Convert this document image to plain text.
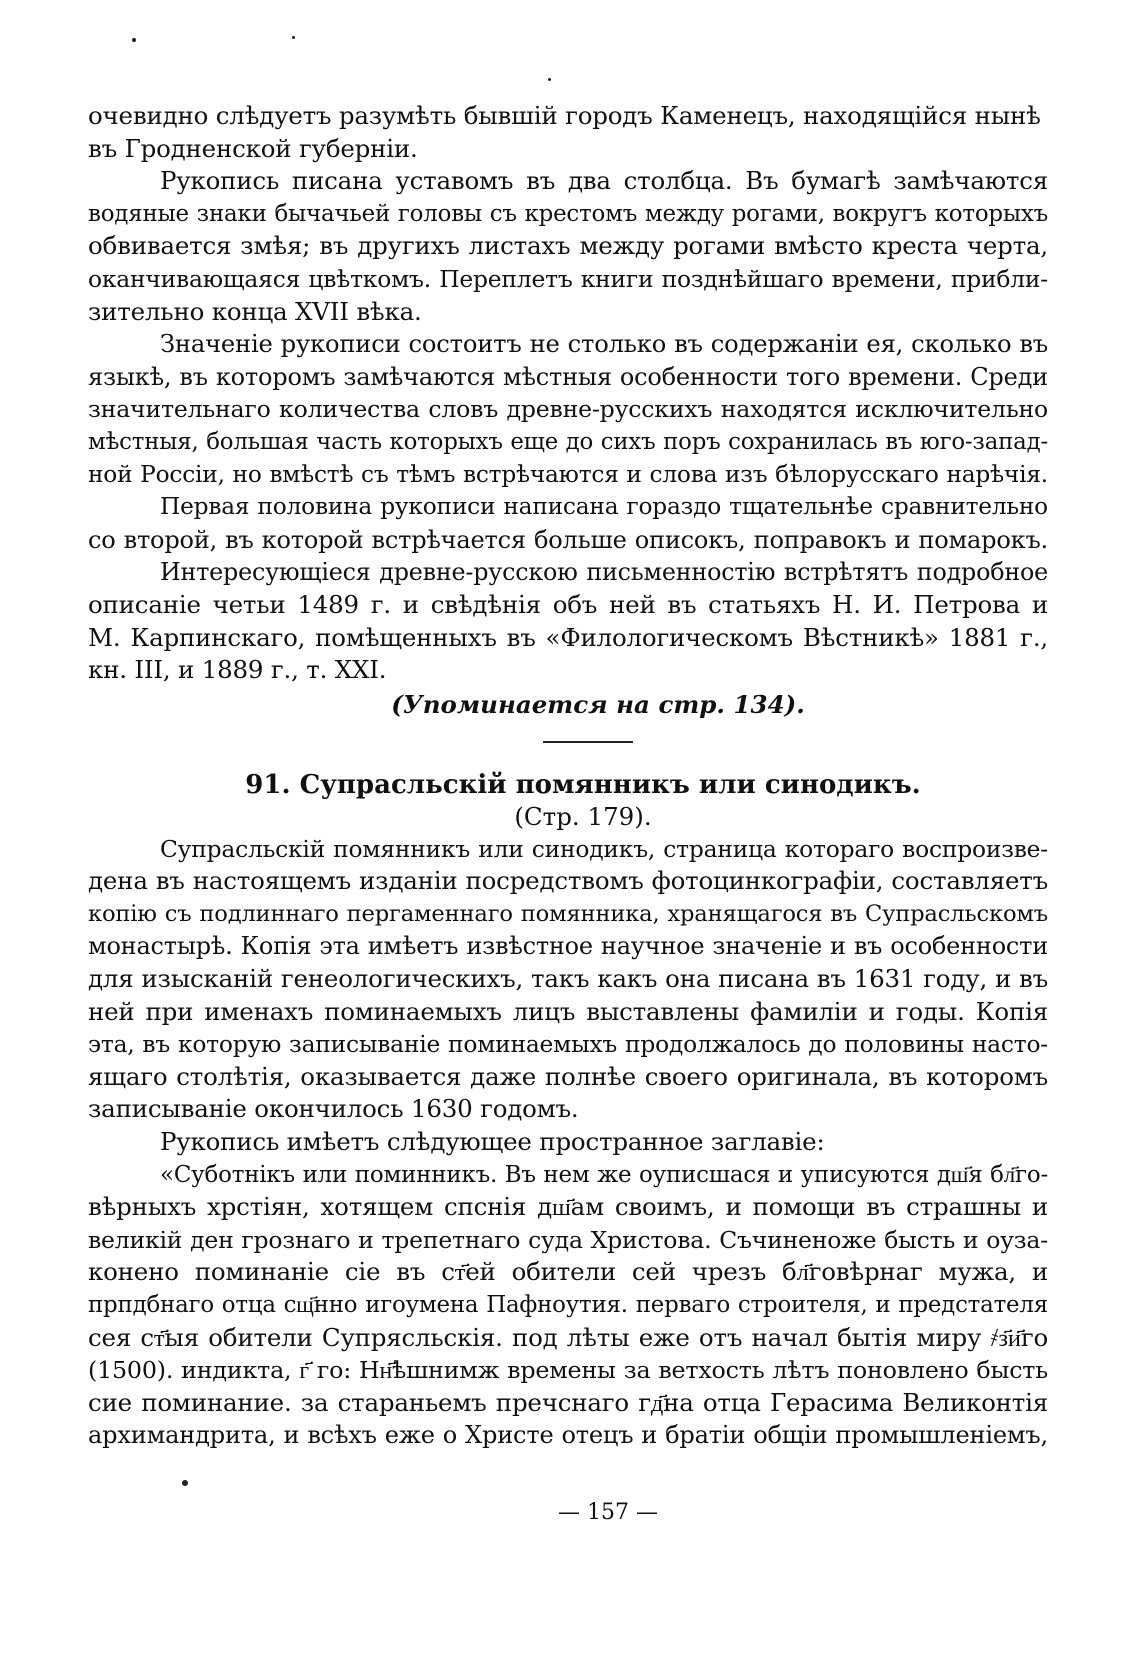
очевидно слѣдуетъ разумѣть бывшій городъ Каменецъ, находящійся нынѣ
въ Гродненской губерніи.
Рукопись писана уставомъ въ два столбца. Въ бумагѣ замѣчаются
водяные знаки бычачьей головы съ крестомъ между рогами, вокругъ которыхъ
обвивается змѣя; въ другихъ листахъ между рогами вмѣсто креста черта,
оканчивающаяся цвѣткомъ. Переплетъ книги позднѣйшаго времени, прибли-
зительно конца XVII вѣка.
Значеніе рукописи состоитъ не столько въ содержаніи ея, сколько въ
языкѣ, въ которомъ замѣчаются мѣстныя особенности того времени. Среди
значительнаго количества словъ древне-русскихъ находятся исключительно
мѣстныя, большая часть которыхъ еще до сихъ поръ сохранилась въ юго-запад-
ной Россіи, но вмѣстѣ съ тѣмъ встрѣчаются и слова изъ бѣлорусскаго нарѣчія.
Первая половина рукописи написана гораздо тщательнѣе сравнительно
со второй, въ которой встрѣчается больше описокъ, поправокъ и помарокъ.
Интересующіеся древне-русскою письменностію встрѣтятъ подробное
описаніе четьи 1489 г. и свѣдѣнія объ ней въ статьяхъ Н. И. Петрова и
М. Карпинскаго, помѣщенныхъ въ «Филологическомъ Вѣстникѣ» 1881 г.,
кн. III, и 1889 г., т. XXI.
(Упоминается на стр. 134).
91. Супрасльскій помянникъ или синодикъ.
(Стр. 179).
Супрасльскій помянникъ или синодикъ, страница котораго воспроизве-
дена въ настоящемъ изданіи посредствомъ фотоцинкографіи, составляетъ
копію съ подлиннаго пергаменнаго помянника, хранящагося въ Супрасльскомъ
монастырѣ. Копія эта имѣетъ извѣстное научное значеніе и въ особенности
для изысканій генеологическихъ, такъ какъ она писана въ 1631 году, и въ
ней при именахъ поминаемыхъ лицъ выставлены фамиліи и годы. Копія
эта, въ которую записываніе поминаемыхъ продолжалось до половины насто-
ящаго столѣтія, оказывается даже полнѣе своего оригинала, въ которомъ
записываніе окончилось 1630 годомъ.
Рукопись имѣетъ слѣдующее пространное заглавіе:
«Суботнікъ или поминникъ. Въ нем же оуписшася и уписуются дш҃я бл҃го-
вѣрныхъ хрстіян, хотящем спснія дш҃ам своимъ, и помощи въ страшны и
великій ден грознаго и трепетнаго суда Христова. Съчиненоже бысть и оуза-
конено поминаніе сіе въ ст҃ей обители сей чрезъ бл҃говѣрнаг мужа, и
прпдбнаго отца сщ҃нно игоумена Пафноутия. перваго строителя, и предстателя
сея ст҃ыя обители Супрясльскія. под лѣты еже отъ начал бытія миру ҂з҃и҃го
(1500). индикта, г҃ го: Нн҃ѣшнимж времены за ветхость лѣтъ поновлено бысть
сие поминание. за стараньемъ пречснаго гд҃на отца Герасима Великонтія
архимандрита, и всѣхъ еже о Христе отецъ и братіи общіи промышленіемъ,
— 157 —
